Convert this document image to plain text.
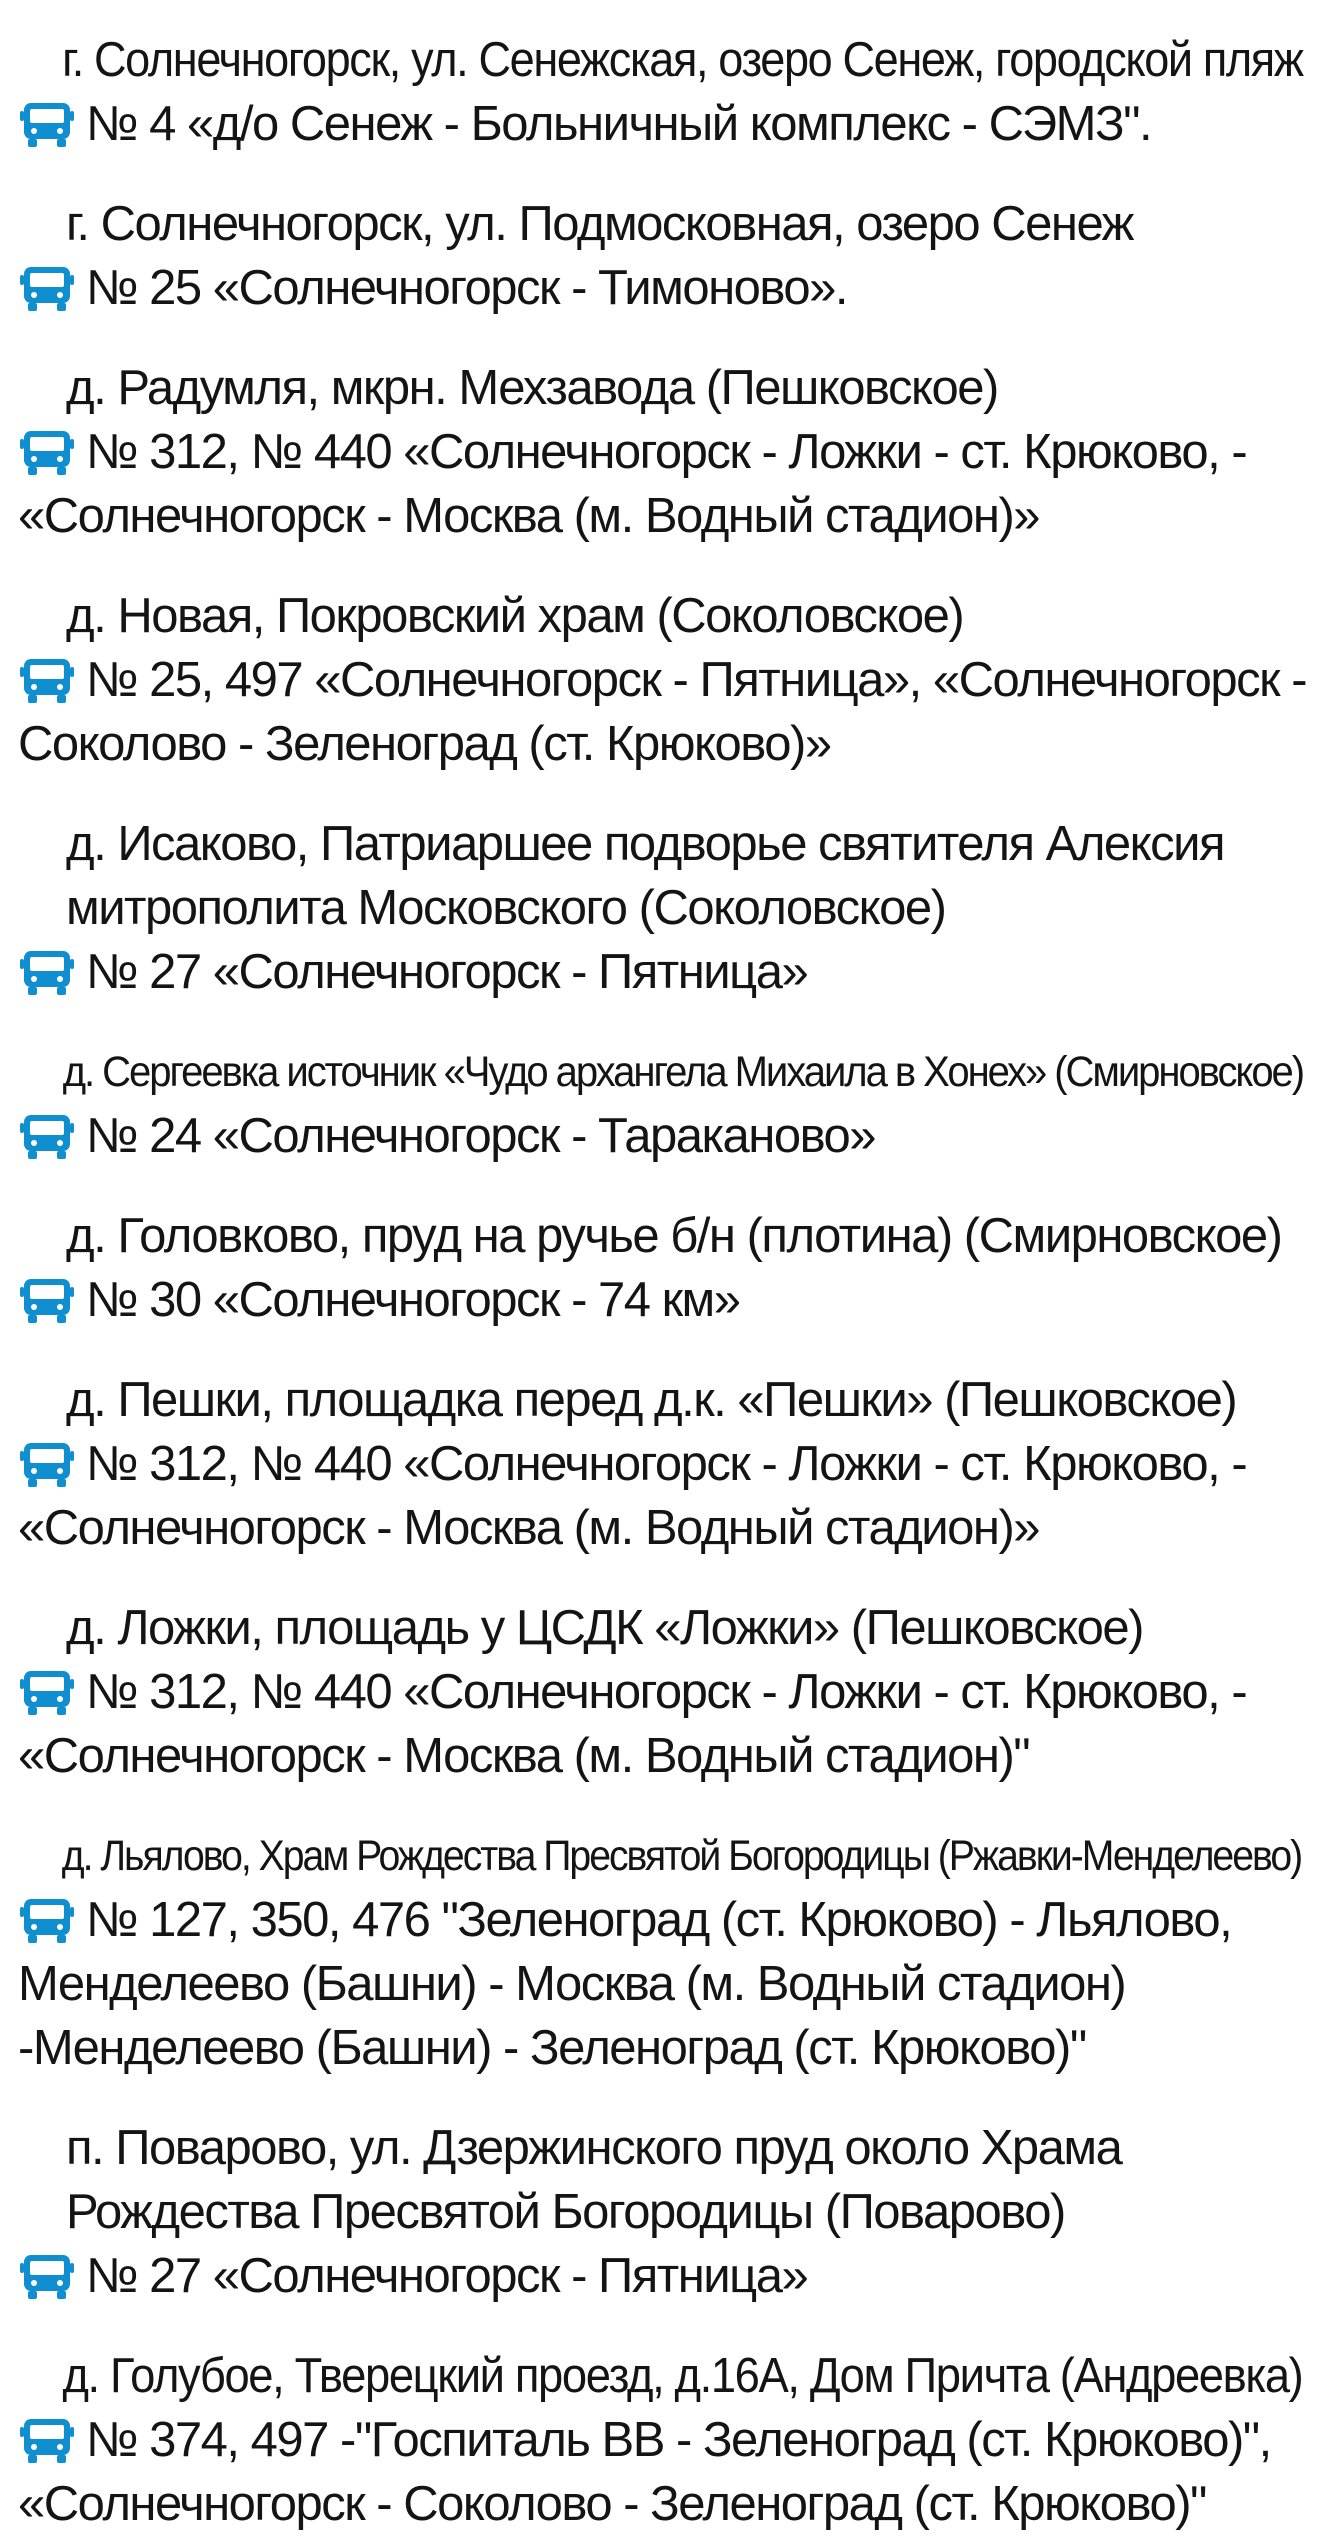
г. Солнечногорск, ул. Сенежская, озеро Сенеж, городской пляж
№ 4 «д/о Сенеж - Больничный комплекс - СЭМЗ".
г. Солнечногорск, ул. Подмосковная, озеро Сенеж
№ 25 «Солнечногорск - Тимоново».
д. Радумля, мкрн. Мехзавода (Пешковское)
№ 312, № 440 «Солнечногорск - Ложки - ст. Крюково, - «Солнечногорск - Москва (м. Водный стадион)»
д. Новая, Покровский храм (Соколовское)
№ 25, 497 «Солнечногорск - Пятница», «Солнечногорск - Соколово - Зеленоград (ст. Крюково)»
д. Исаково, Патриаршее подворье святителя Алексия митрополита Московского (Соколовское)
№ 27 «Солнечногорск - Пятница»
д. Сергеевка источник «Чудо архангела Михаила в Хонех» (Смирновское)
№ 24 «Солнечногорск - Тараканово»
д. Головково, пруд на ручье б/н (плотина) (Смирновское)
№ 30 «Солнечногорск - 74 км»
д. Пешки, площадка перед д.к. «Пешки» (Пешковское)
№ 312, № 440 «Солнечногорск - Ложки - ст. Крюково, - «Солнечногорск - Москва (м. Водный стадион)»
д. Ложки, площадь у ЦСДК «Ложки» (Пешковское)
№ 312, № 440 «Солнечногорск - Ложки - ст. Крюково, - «Солнечногорск - Москва (м. Водный стадион)"
д. Льялово, Храм Рождества Пресвятой Богородицы (Ржавки-Менделеево)
№ 127, 350, 476 "Зеленоград (ст. Крюково) - Льялово, Менделеево (Башни) - Москва (м. Водный стадион) -Менделеево (Башни) - Зеленоград (ст. Крюково)"
п. Поварово, ул. Дзержинского пруд около Храма Рождества Пресвятой Богородицы (Поварово)
№ 27 «Солнечногорск - Пятница»
д. Голубое, Тверецкий проезд, д.16А, Дом Причта (Андреевка)
№ 374, 497 -"Госпиталь ВВ - Зеленоград (ст. Крюково)", «Солнечногорск - Соколово - Зеленоград (ст. Крюково)"
